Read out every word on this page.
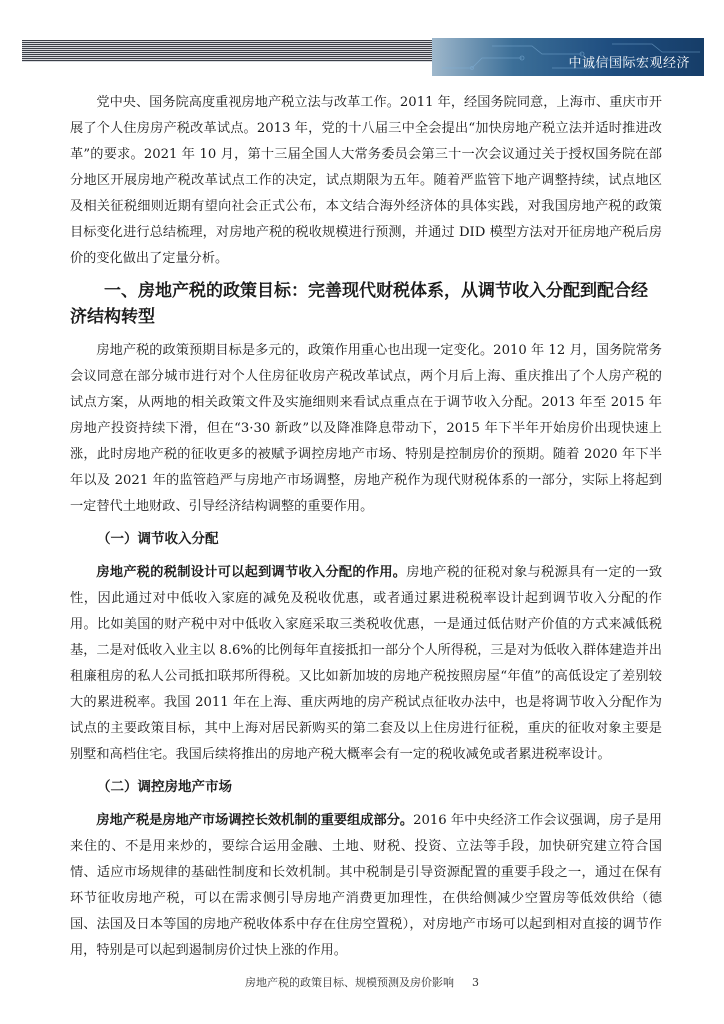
中诚信国际宏观经济

党中央、国务院高度重视房地产税立法与改革工作。2011 年，经国务院同意，上海市、重庆市开展了个人住房房产税改革试点。2013 年，党的十八届三中全会提出“加快房地产税立法并适时推进改革”的要求。2021 年 10 月，第十三届全国人大常务委员会第三十一次会议通过关于授权国务院在部分地区开展房地产税改革试点工作的决定，试点期限为五年。随着严监管下地产调整持续，试点地区及相关征税细则近期有望向社会正式公布，本文结合海外经济体的具体实践，对我国房地产税的政策目标变化进行总结梳理，对房地产税的税收规模进行预测，并通过 DID 模型方法对开征房地产税后房价的变化做出了定量分析。

一、房地产税的政策目标：完善现代财税体系，从调节收入分配到配合经济结构转型

房地产税的政策预期目标是多元的，政策作用重心也出现一定变化。2010 年 12 月，国务院常务会议同意在部分城市进行对个人住房征收房产税改革试点，两个月后上海、重庆推出了个人房产税的试点方案，从两地的相关政策文件及实施细则来看试点重点在于调节收入分配。2013 年至 2015 年房地产投资持续下滑，但在“3·30 新政”以及降准降息带动下，2015 年下半年开始房价出现快速上涨，此时房地产税的征收更多的被赋予调控房地产市场、特别是控制房价的预期。随着 2020 年下半年以及 2021 年的监管趋严与房地产市场调整，房地产税作为现代财税体系的一部分，实际上将起到一定替代土地财政、引导经济结构调整的重要作用。

（一）调节收入分配

房地产税的税制设计可以起到调节收入分配的作用。房地产税的征税对象与税源具有一定的一致性，因此通过对中低收入家庭的减免及税收优惠，或者通过累进税税率设计起到调节收入分配的作用。比如美国的财产税中对中低收入家庭采取三类税收优惠，一是通过低估财产价值的方式来减低税基，二是对低收入业主以 8.6%的比例每年直接抵扣一部分个人所得税，三是对为低收入群体建造并出租廉租房的私人公司抵扣联邦所得税。又比如新加坡的房地产税按照房屋“年值”的高低设定了差别较大的累进税率。我国 2011 年在上海、重庆两地的房产税试点征收办法中，也是将调节收入分配作为试点的主要政策目标，其中上海对居民新购买的第二套及以上住房进行征税，重庆的征收对象主要是别墅和高档住宅。我国后续将推出的房地产税大概率会有一定的税收减免或者累进税率设计。

（二）调控房地产市场

房地产税是房地产市场调控长效机制的重要组成部分。2016 年中央经济工作会议强调，房子是用来住的、不是用来炒的，要综合运用金融、土地、财税、投资、立法等手段，加快研究建立符合国情、适应市场规律的基础性制度和长效机制。其中税制是引导资源配置的重要手段之一，通过在保有环节征收房地产税，可以在需求侧引导房地产消费更加理性，在供给侧减少空置房等低效供给（德国、法国及日本等国的房地产税收体系中存在住房空置税），对房地产市场可以起到相对直接的调节作用，特别是可以起到遏制房价过快上涨的作用。

房地产税的政策目标、规模预测及房价影响 3
